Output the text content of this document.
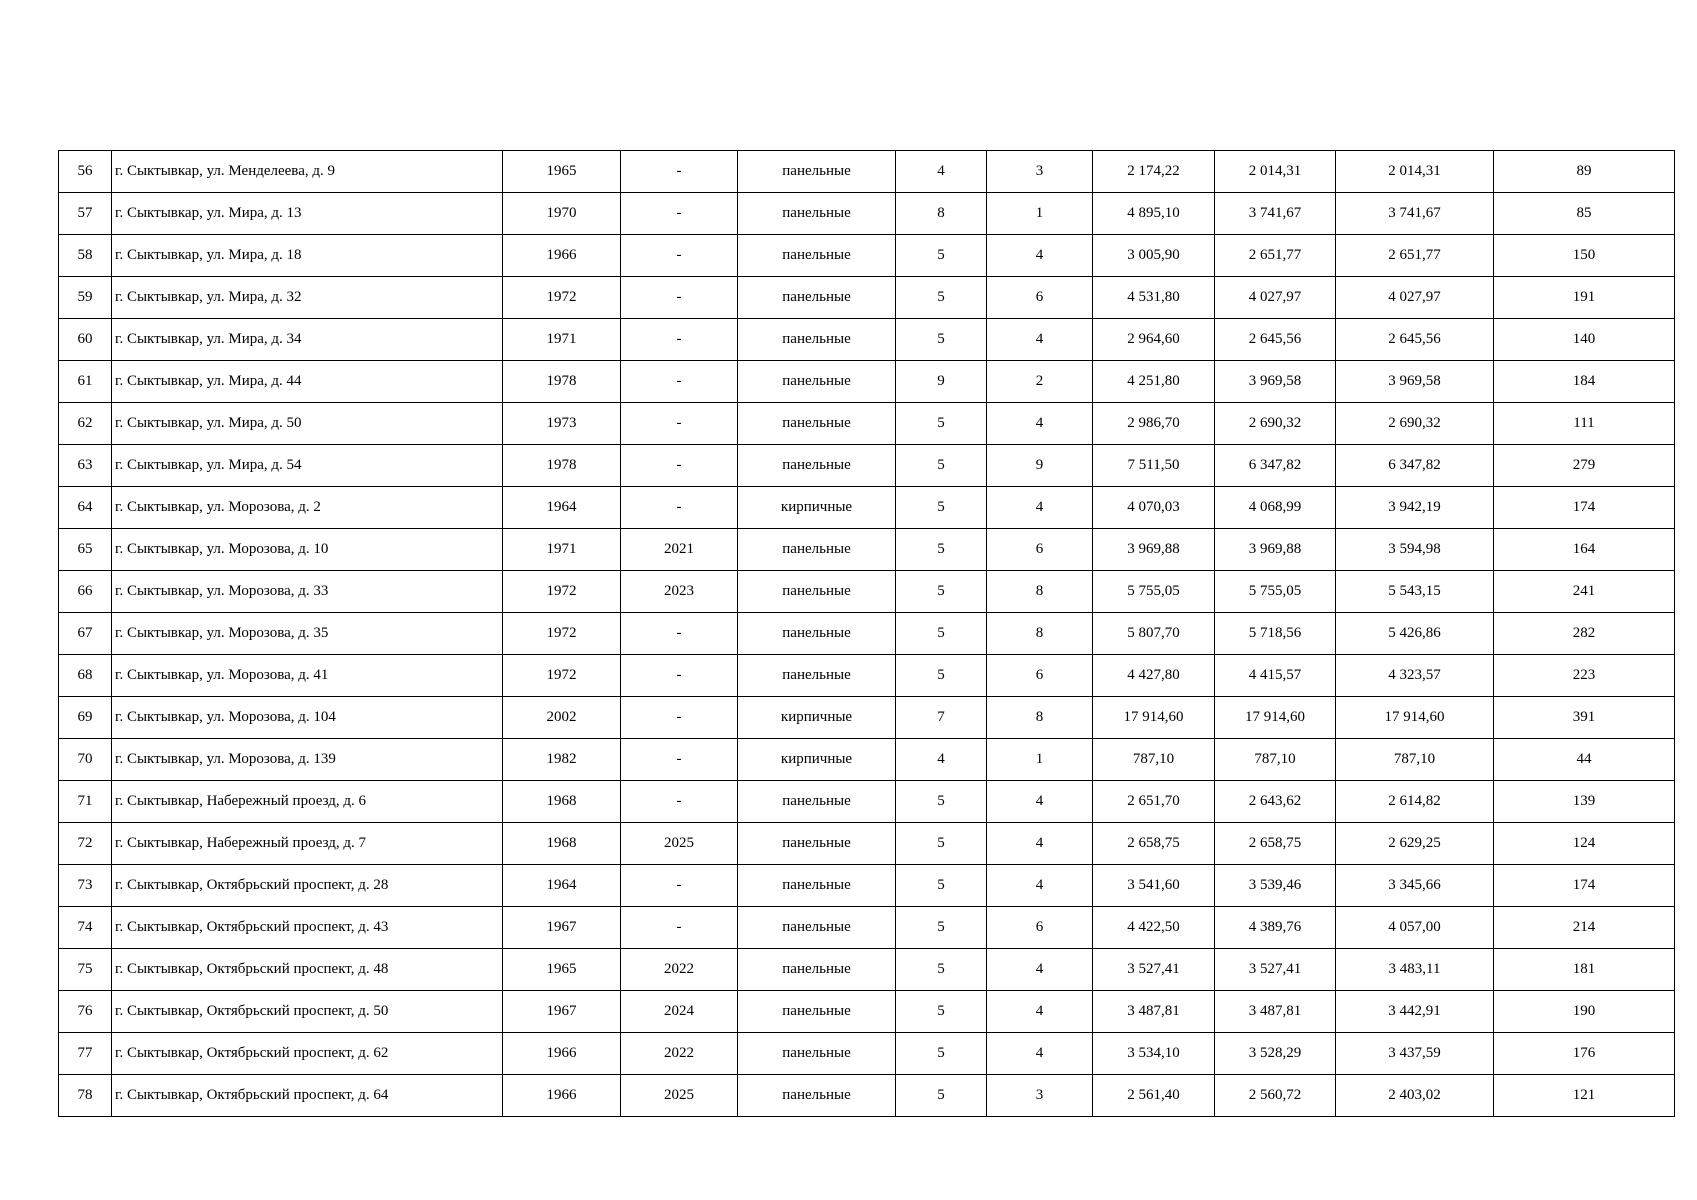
56	г. Сыктывкар, ул. Менделеева, д. 9	1965	-	панельные	4	3	2 174,22	2 014,31	2 014,31	89
57	г. Сыктывкар, ул. Мира, д. 13	1970	-	панельные	8	1	4 895,10	3 741,67	3 741,67	85
58	г. Сыктывкар, ул. Мира, д. 18	1966	-	панельные	5	4	3 005,90	2 651,77	2 651,77	150
59	г. Сыктывкар, ул. Мира, д. 32	1972	-	панельные	5	6	4 531,80	4 027,97	4 027,97	191
60	г. Сыктывкар, ул. Мира, д. 34	1971	-	панельные	5	4	2 964,60	2 645,56	2 645,56	140
61	г. Сыктывкар, ул. Мира, д. 44	1978	-	панельные	9	2	4 251,80	3 969,58	3 969,58	184
62	г. Сыктывкар, ул. Мира, д. 50	1973	-	панельные	5	4	2 986,70	2 690,32	2 690,32	111
63	г. Сыктывкар, ул. Мира, д. 54	1978	-	панельные	5	9	7 511,50	6 347,82	6 347,82	279
64	г. Сыктывкар, ул. Морозова, д. 2	1964	-	кирпичные	5	4	4 070,03	4 068,99	3 942,19	174
65	г. Сыктывкар, ул. Морозова, д. 10	1971	2021	панельные	5	6	3 969,88	3 969,88	3 594,98	164
66	г. Сыктывкар, ул. Морозова, д. 33	1972	2023	панельные	5	8	5 755,05	5 755,05	5 543,15	241
67	г. Сыктывкар, ул. Морозова, д. 35	1972	-	панельные	5	8	5 807,70	5 718,56	5 426,86	282
68	г. Сыктывкар, ул. Морозова, д. 41	1972	-	панельные	5	6	4 427,80	4 415,57	4 323,57	223
69	г. Сыктывкар, ул. Морозова, д. 104	2002	-	кирпичные	7	8	17 914,60	17 914,60	17 914,60	391
70	г. Сыктывкар, ул. Морозова, д. 139	1982	-	кирпичные	4	1	787,10	787,10	787,10	44
71	г. Сыктывкар, Набережный проезд, д. 6	1968	-	панельные	5	4	2 651,70	2 643,62	2 614,82	139
72	г. Сыктывкар, Набережный проезд, д. 7	1968	2025	панельные	5	4	2 658,75	2 658,75	2 629,25	124
73	г. Сыктывкар, Октябрьский проспект, д. 28	1964	-	панельные	5	4	3 541,60	3 539,46	3 345,66	174
74	г. Сыктывкар, Октябрьский проспект, д. 43	1967	-	панельные	5	6	4 422,50	4 389,76	4 057,00	214
75	г. Сыктывкар, Октябрьский проспект, д. 48	1965	2022	панельные	5	4	3 527,41	3 527,41	3 483,11	181
76	г. Сыктывкар, Октябрьский проспект, д. 50	1967	2024	панельные	5	4	3 487,81	3 487,81	3 442,91	190
77	г. Сыктывкар, Октябрьский проспект, д. 62	1966	2022	панельные	5	4	3 534,10	3 528,29	3 437,59	176
78	г. Сыктывкар, Октябрьский проспект, д. 64	1966	2025	панельные	5	3	2 561,40	2 560,72	2 403,02	121
